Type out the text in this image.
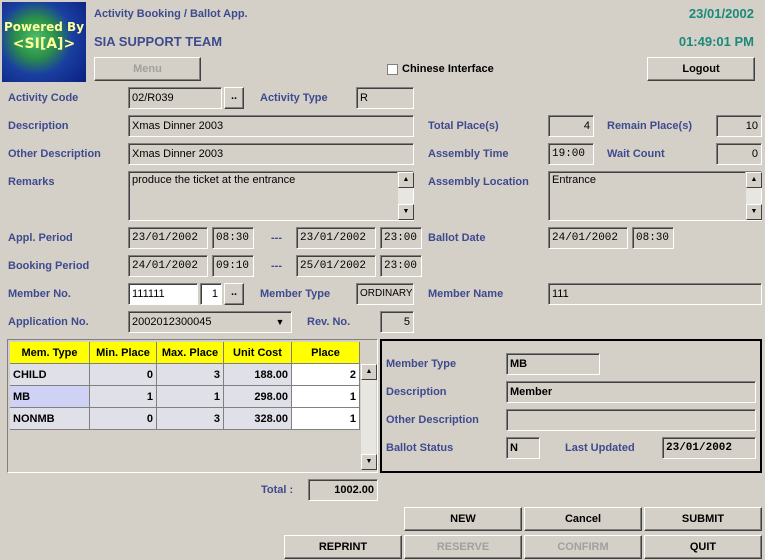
Powered By
<SI[A]>
Activity Booking / Ballot App.
SIA SUPPORT TEAM
23/01/2002
01:49:01 PM
Menu	Chinese Interface	Logout
Activity Code	02/R039	..	Activity Type	R
Description	Xmas Dinner 2003	Total Place(s)	4	Remain Place(s)	10
Other Description	Xmas Dinner 2003	Assembly Time	19:00	Wait Count	0
Remarks	produce the ticket at the entrance	▲
▼
Assembly Location	Entrance	▲
▼
Appl. Period	23/01/2002	08:30	---	23/01/2002	23:00 Ballot Date	24/01/2002	08:30
Booking Period	24/01/2002	09:10	---	25/01/2002	23:00
Member No.	111111	1	..	Member Type	ORDINARY Member Name	111
Application No.	2002012300045	▼	Rev. No.	5
Mem. Type	Min. Place	Max. Place	Unit Cost	Place
CHILD	0	3	188.00	2
MB	1	1	298.00	1
NONMB	0	3	328.00	1
▲
▼
Member Type	MB
Description	Member
Other Description
Ballot Status	N	Last Updated	23/01/2002
Total :	1002.00
NEW	Cancel	SUBMIT
REPRINT	RESERVE	CONFIRM	QUIT
